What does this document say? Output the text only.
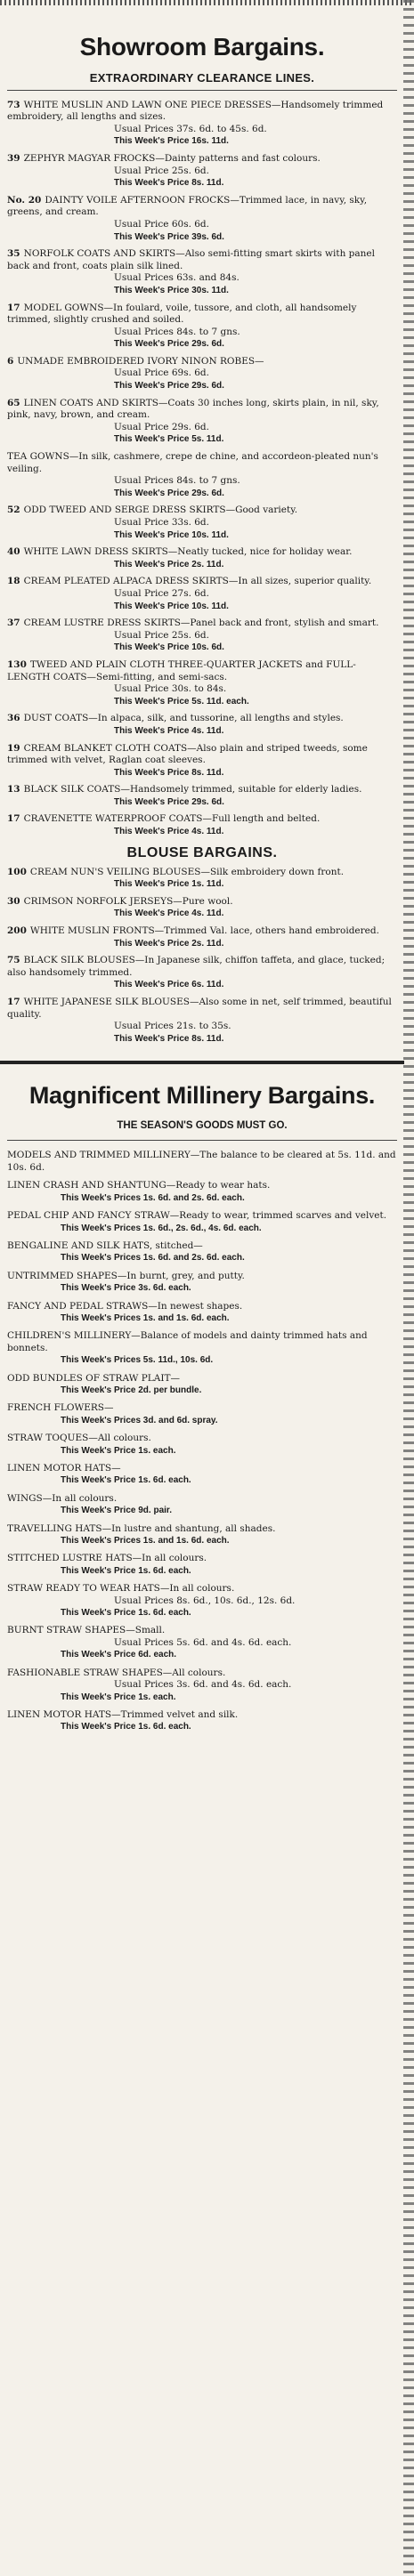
Showroom Bargains.
EXTRAORDINARY CLEARANCE LINES.

73 WHITE MUSLIN AND LAWN ONE PIECE DRESSES—Handsomely trimmed embroidery, all lengths and sizes.
Usual Prices 37s. 6d. to 45s. 6d.
This Week's Price 16s. 11d.

39 ZEPHYR MAGYAR FROCKS—Dainty patterns and fast colours.
Usual Price 25s. 6d.
This Week's Price 8s. 11d.

No. 20 DAINTY VOILE AFTERNOON FROCKS—Trimmed lace, in navy, sky, greens, and cream.
Usual Price 60s. 6d.
This Week's Price 39s. 6d.

35 NORFOLK COATS AND SKIRTS—Also semi-fitting smart skirts with panel back and front, coats plain silk lined.
Usual Prices 63s. and 84s.
This Week's Price 30s. 11d.

17 MODEL GOWNS—In foulard, voile, tussore, and cloth, all handsomely trimmed, slightly crushed and soiled.
Usual Prices 84s. to 7 gns.
This Week's Price 29s. 6d.

6 UNMADE EMBROIDERED IVORY NINON ROBES—
Usual Price 69s. 6d.
This Week's Price 29s. 6d.

65 LINEN COATS AND SKIRTS—Coats 30 inches long, skirts plain, in nil, sky, pink, navy, brown, and cream.
Usual Price 29s. 6d.
This Week's Price 5s. 11d.

TEA GOWNS—In silk, cashmere, crepe de chine, and accordeon-pleated nun's veiling.
Usual Prices 84s. to 7 gns.
This Week's Price 29s. 6d.

52 ODD TWEED AND SERGE DRESS SKIRTS—Good variety.
Usual Price 33s. 6d.
This Week's Price 10s. 11d.

40 WHITE LAWN DRESS SKIRTS—Neatly tucked, nice for holiday wear.
This Week's Price 2s. 11d.

18 CREAM PLEATED ALPACA DRESS SKIRTS—In all sizes, superior quality.
Usual Price 27s. 6d.
This Week's Price 10s. 11d.

37 CREAM LUSTRE DRESS SKIRTS—Panel back and front, stylish and smart.
Usual Price 25s. 6d.
This Week's Price 10s. 6d.

130 TWEED AND PLAIN CLOTH THREE-QUARTER JACKETS and FULL-LENGTH COATS—Semi-fitting, and semi-sacs.
Usual Price 30s. to 84s.
This Week's Price 5s. 11d. each.

36 DUST COATS—In alpaca, silk, and tussorine, all lengths and styles.
This Week's Price 4s. 11d.

19 CREAM BLANKET CLOTH COATS—Also plain and striped tweeds, some trimmed with velvet, Raglan coat sleeves.
This Week's Price 8s. 11d.

13 BLACK SILK COATS—Handsomely trimmed, suitable for elderly ladies.
This Week's Price 29s. 6d.

17 CRAVENETTE WATERPROOF COATS—Full length and belted.
This Week's Price 4s. 11d.

BLOUSE BARGAINS.

100 CREAM NUN'S VEILING BLOUSES—Silk embroidery down front.
This Week's Price 1s. 11d.

30 CRIMSON NORFOLK JERSEYS—Pure wool.
This Week's Price 4s. 11d.

200 WHITE MUSLIN FRONTS—Trimmed Val. lace, others hand embroidered.
This Week's Price 2s. 11d.

75 BLACK SILK BLOUSES—In Japanese silk, chiffon taffeta, and glace, tucked; also handsomely trimmed.
This Week's Price 6s. 11d.

17 WHITE JAPANESE SILK BLOUSES—Also some in net, self trimmed, beautiful quality.
Usual Prices 21s. to 35s.
This Week's Price 8s. 11d.

Magnificent Millinery Bargains.
THE SEASON'S GOODS MUST GO.

MODELS AND TRIMMED MILLINERY—The balance to be cleared at 5s. 11d. and 10s. 6d.

LINEN CRASH AND SHANTUNG—Ready to wear hats.
This Week's Prices 1s. 6d. and 2s. 6d. each.

PEDAL CHIP AND FANCY STRAW—Ready to wear, trimmed scarves and velvet.
This Week's Prices 1s. 6d., 2s. 6d., 4s. 6d. each.

BENGALINE AND SILK HATS, stitched—
This Week's Prices 1s. 6d. and 2s. 6d. each.

UNTRIMMED SHAPES—In burnt, grey, and putty.
This Week's Price 3s. 6d. each.

FANCY AND PEDAL STRAWS—In newest shapes.
This Week's Prices 1s. and 1s. 6d. each.

CHILDREN'S MILLINERY—Balance of models and dainty trimmed hats and bonnets.
This Week's Prices 5s. 11d., 10s. 6d.

ODD BUNDLES OF STRAW PLAIT—
This Week's Price 2d. per bundle.

FRENCH FLOWERS—
This Week's Prices 3d. and 6d. spray.

STRAW TOQUES—All colours.
This Week's Price 1s. each.

LINEN MOTOR HATS—
This Week's Price 1s. 6d. each.

WINGS—In all colours.
This Week's Price 9d. pair.

TRAVELLING HATS—In lustre and shantung, all shades.
This Week's Prices 1s. and 1s. 6d. each.

STITCHED LUSTRE HATS—In all colours.
This Week's Price 1s. 6d. each.

STRAW READY TO WEAR HATS—In all colours.
Usual Prices 8s. 6d., 10s. 6d., 12s. 6d.
This Week's Price 1s. 6d. each.

BURNT STRAW SHAPES—Small.
Usual Prices 5s. 6d. and 4s. 6d. each.
This Week's Price 6d. each.

FASHIONABLE STRAW SHAPES—All colours.
Usual Prices 3s. 6d. and 4s. 6d. each.
This Week's Price 1s. each.

LINEN MOTOR HATS—Trimmed velvet and silk.
This Week's Price 1s. 6d. each.
